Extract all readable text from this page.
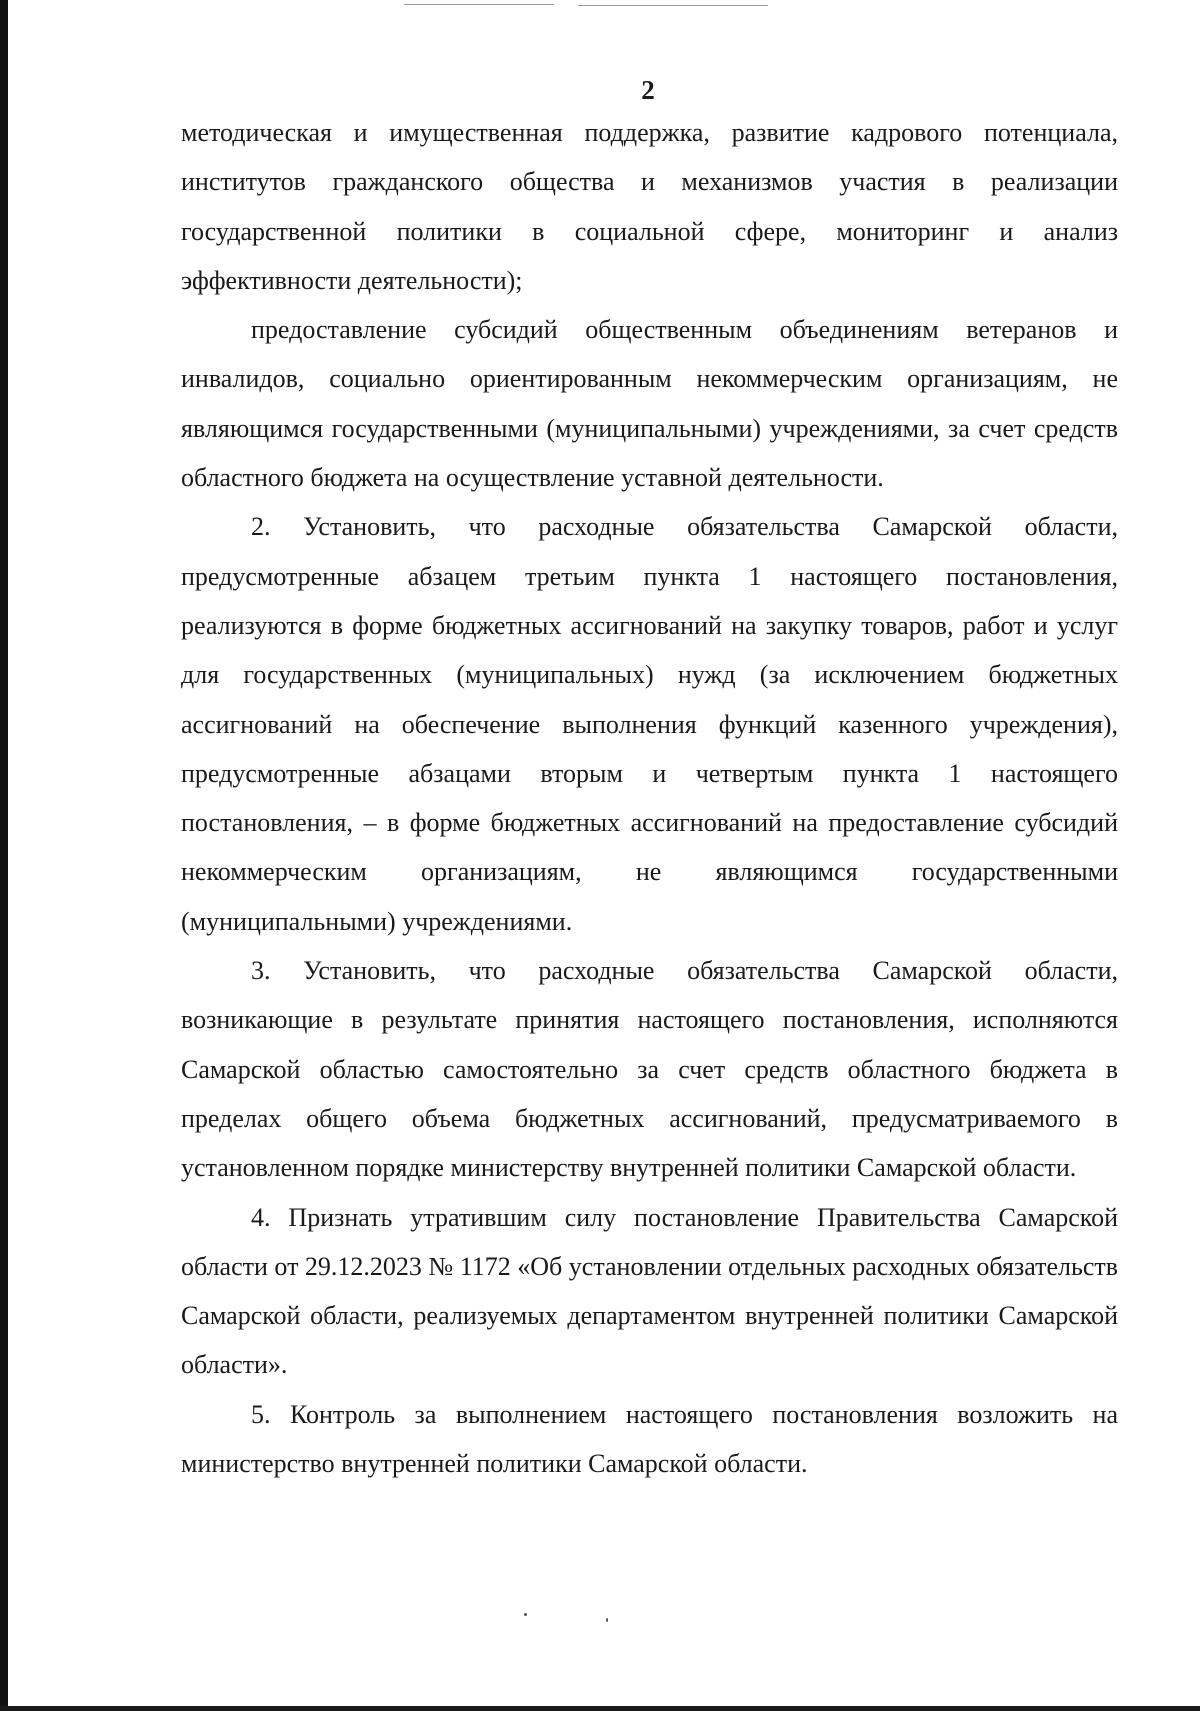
2

методическая и имущественная поддержка, развитие кадрового потенциала, институтов гражданского общества и механизмов участия в реализации государственной политики в социальной сфере, мониторинг и анализ эффективности деятельности);

предоставление субсидий общественным объединениям ветеранов и инвалидов, социально ориентированным некоммерческим организациям, не являющимся государственными (муниципальными) учреждениями, за счет средств областного бюджета на осуществление уставной деятельности.

2. Установить, что расходные обязательства Самарской области, предусмотренные абзацем третьим пункта 1 настоящего постановления, реализуются в форме бюджетных ассигнований на закупку товаров, работ и услуг для государственных (муниципальных) нужд (за исключением бюджетных ассигнований на обеспечение выполнения функций казенного учреждения), предусмотренные абзацами вторым и четвертым пункта 1 настоящего постановления, – в форме бюджетных ассигнований на предоставление субсидий некоммерческим организациям, не являющимся государственными (муниципальными) учреждениями.

3. Установить, что расходные обязательства Самарской области, возникающие в результате принятия настоящего постановления, исполняются Самарской областью самостоятельно за счет средств областного бюджета в пределах общего объема бюджетных ассигнований, предусматриваемого в установленном порядке министерству внутренней политики Самарской области.

4. Признать утратившим силу постановление Правительства Самарской области от 29.12.2023 № 1172 «Об установлении отдельных расходных обязательств Самарской области, реализуемых департаментом внутренней политики Самарской области».

5. Контроль за выполнением настоящего постановления возложить на министерство внутренней политики Самарской области.
